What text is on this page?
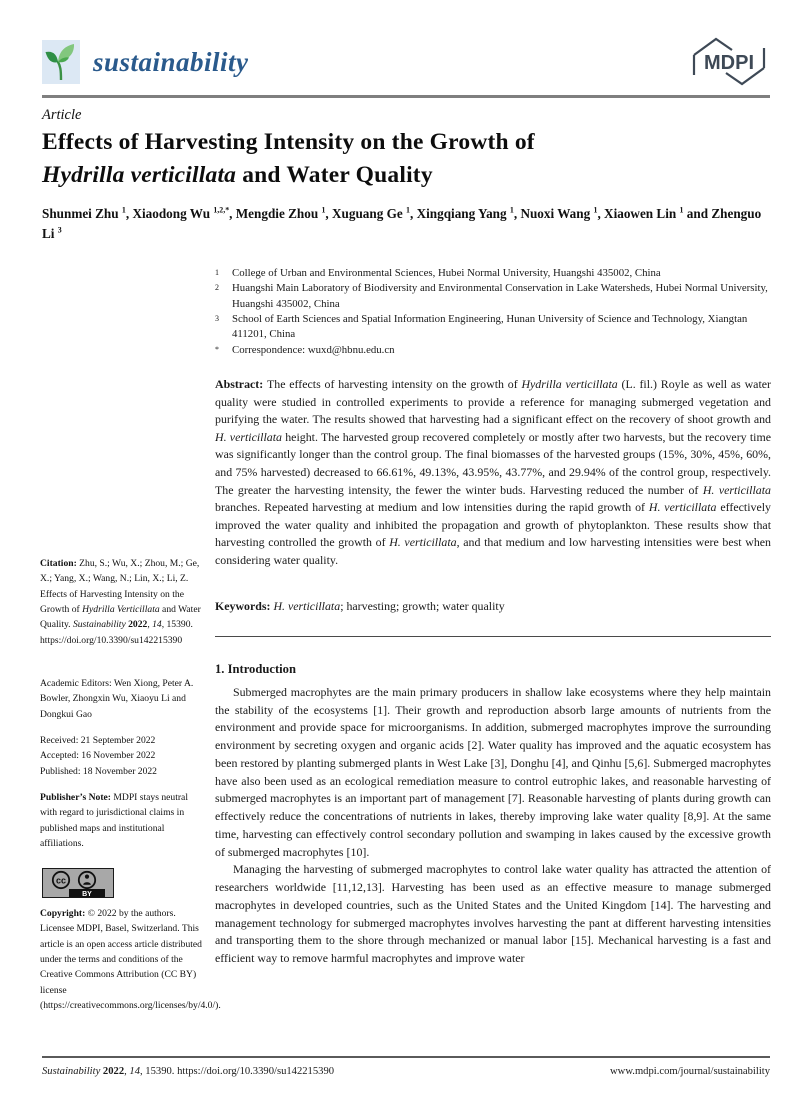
sustainability	MDPI
Article
Effects of Harvesting Intensity on the Growth of
Hydrilla verticillata and Water Quality
Shunmei Zhu $^1$, Xiaodong Wu $^{1,2,*}$, Mengdie Zhou $^1$, Xuguang Ge $^1$, Xingqiang Yang $^1$, Nuoxi Wang $^1$, Xiaowen Lin $^1$ and Zhenguo Li $^3$
1	College of Urban and Environmental Sciences, Hubei Normal University, Huangshi 435002, China
2	Huangshi Main Laboratory of Biodiversity and Environmental Conservation in Lake Watersheds, Hubei Normal University, Huangshi 435002, China
3	School of Earth Sciences and Spatial Information Engineering, Hunan University of Science and Technology, Xiangtan 411201, China
*	Correspondence: wuxd@hbnu.edu.cn
Abstract: The effects of harvesting intensity on the growth of Hydrilla verticillata (L. fil.) Royle as well as water quality were studied in controlled experiments to provide a reference for managing submerged vegetation and purifying the water. The results showed that harvesting had a significant effect on the recovery of shoot growth and H. verticillata height. The harvested group recovered completely or mostly after two harvests, but the recovery time was significantly longer than the control group. The final biomasses of the harvested groups (15%, 30%, 45%, 60%, and 75% harvested) decreased to 66.61%, 49.13%, 43.95%, 43.77%, and 29.94% of the control group, respectively. The greater the harvesting intensity, the fewer the winter buds. Harvesting reduced the number of H. verticillata branches. Repeated harvesting at medium and low intensities during the rapid growth of H. verticillata effectively improved the water quality and inhibited the propagation and growth of phytoplankton. These results show that harvesting controlled the growth of H. verticillata, and that medium and low harvesting intensities were best when considering water quality.
Keywords: H. verticillata; harvesting; growth; water quality
1. Introduction

Submerged macrophytes are the main primary producers in shallow lake ecosystems where they help maintain the stability of the ecosystems [1]. Their growth and reproduction absorb large amounts of nutrients from the environment and provide space for microorganisms. In addition, submerged macrophytes improve the surrounding environment by secreting oxygen and organic acids [2]. Water quality has improved and the aquatic ecosystem has been restored by planting submerged plants in West Lake [3], Donghu [4], and Qinhu [5,6]. Submerged macrophytes have also been used as an ecological remediation measure to control eutrophic lakes, and reasonable harvesting of submerged macrophytes is an important part of management [7]. Reasonable harvesting of plants during growth can effectively reduce the concentrations of nutrients in lakes, thereby improving lake water quality [8,9]. At the same time, harvesting can effectively control secondary pollution and swamping in lakes caused by the excessive growth of submerged macrophytes [10].

Managing the harvesting of submerged macrophytes to control lake water quality has attracted the attention of researchers worldwide [11,12,13]. Harvesting has been used as an effective measure to manage submerged macrophytes in developed countries, such as the United States and the United Kingdom [14]. The harvesting and management technology for submerged macrophytes involves harvesting the pant at different harvesting intensities and transporting them to the shore through mechanized or manual labor [15]. Mechanical harvesting is a fast and efficient way to remove harmful macrophytes and improve water

Citation: Zhu, S.; Wu, X.; Zhou, M.; Ge, X.; Yang, X.; Wang, N.; Lin, X.; Li, Z. Effects of Harvesting Intensity on the Growth of Hydrilla Verticillata and Water Quality. Sustainability 2022, 14, 15390. https://doi.org/10.3390/su142215390
Academic Editors: Wen Xiong, Peter A. Bowler, Zhongxin Wu, Xiaoyu Li and Dongkui Gao
Received: 21 September 2022
Accepted: 16 November 2022
Published: 18 November 2022
Publisher’s Note: MDPI stays neutral with regard to jurisdictional claims in published maps and institutional affiliations.
cc
BY
Copyright: © 2022 by the authors. Licensee MDPI, Basel, Switzerland. This article is an open access article distributed under the terms and conditions of the Creative Commons Attribution (CC BY) license (https://creativecommons.org/licenses/by/4.0/).
Sustainability 2022, 14, 15390. https://doi.org/10.3390/su142215390	www.mdpi.com/journal/sustainability
